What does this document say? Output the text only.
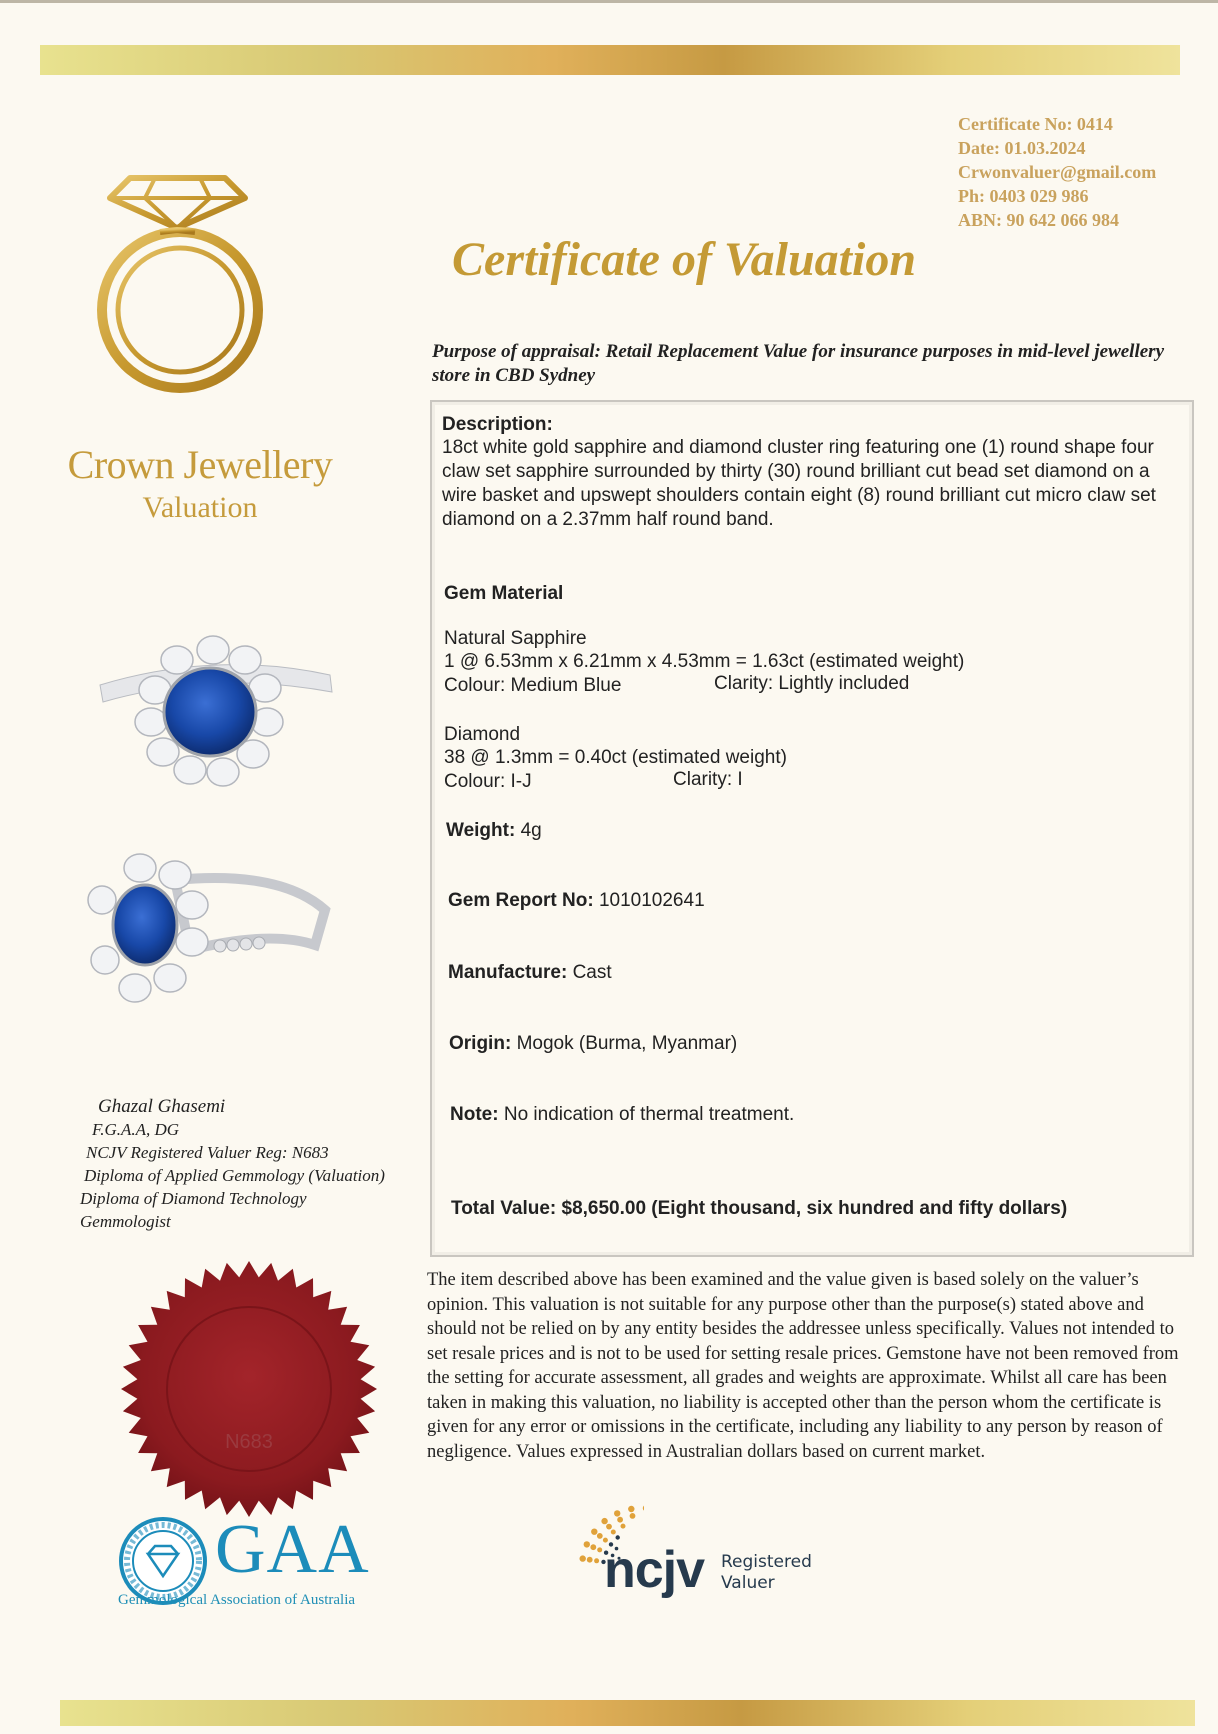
Crown Jewellery
Valuation
Certificate No: 0414
Date: 01.03.2024
Crwonvaluer@gmail.com
Ph: 0403 029 986
ABN: 90 642 066 984
Certificate of Valuation
Purpose of appraisal: Retail Replacement Value for insurance purposes in mid-level jewellery store in CBD Sydney
Description:
18ct white gold sapphire and diamond cluster ring featuring one (1) round shape four claw set sapphire surrounded by thirty (30) round brilliant cut bead set diamond on a wire basket and upswept shoulders contain eight (8) round brilliant cut micro claw set diamond on a 2.37mm half round band.
Gem Material
Natural Sapphire
1 @ 6.53mm x 6.21mm x 4.53mm = 1.63ct (estimated weight)
Colour: Medium Blue	Clarity: Lightly included
Diamond
38 @ 1.3mm = 0.40ct (estimated weight)
Colour: I-J	Clarity: I
Weight: 4g
Gem Report No: 1010102641
Manufacture: Cast
Origin: Mogok (Burma, Myanmar)
Note: No indication of thermal treatment.
Total Value: $8,650.00 (Eight thousand, six hundred and fifty dollars)
The item described above has been examined and the value given is based solely on the valuer’s opinion. This valuation is not suitable for any purpose other than the purpose(s) stated above and should not be relied on by any entity besides the addressee unless specifically. Values not intended to set resale prices and is not to be used for setting resale prices. Gemstone have not been removed from the setting for accurate assessment, all grades and weights are approximate. Whilst all care has been taken in making this valuation, no liability is accepted other than the person whom the certificate is given for any error or omissions in the certificate, including any liability to any person by reason of negligence. Values expressed in Australian dollars based on current market.
Ghazal Ghasemi
F.G.A.A, DG
NCJV Registered Valuer Reg: N683
Diploma of Applied Gemmology (Valuation)
Diploma of Diamond Technology
Gemmologist
N683
GAA
Gemmological Association of Australia
ncjv Registered
Valuer
